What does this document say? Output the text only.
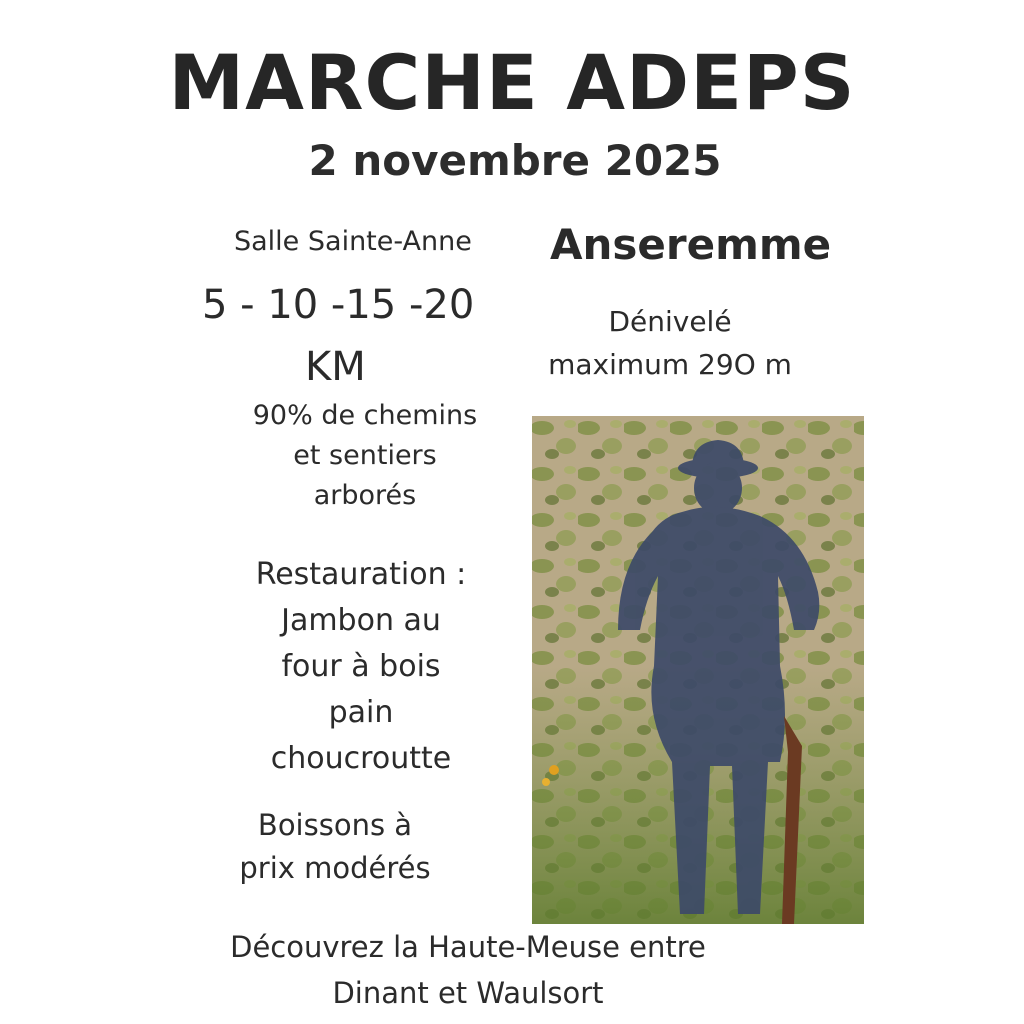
MARCHE ADEPS
2 novembre 2025
Salle Sainte-Anne Anseremme
5 - 10 -15 -20
KM
Dénivelé
maximum 29O m
90% de chemins
et sentiers
arborés
Restauration :
Jambon au
four à bois
pain
choucroutte
Boissons à
prix modérés
Découvrez la Haute-Meuse entre
Dinant et Waulsort
